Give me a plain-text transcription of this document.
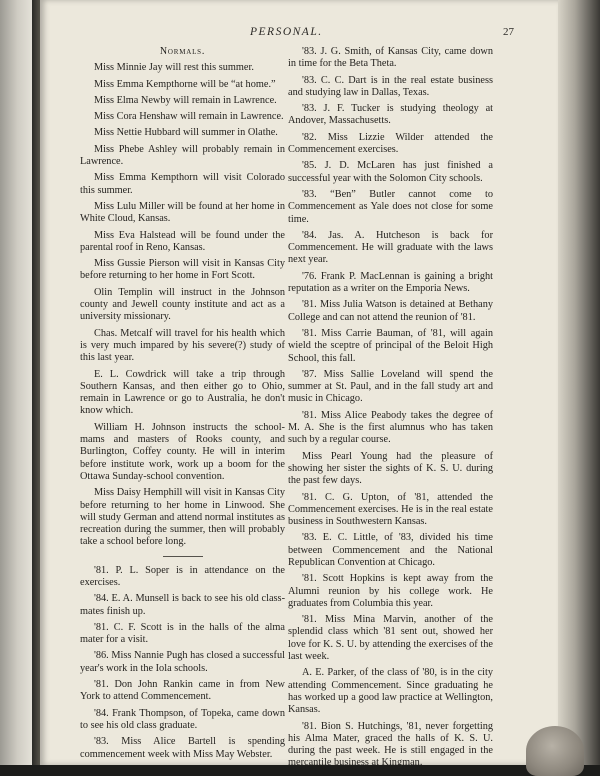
PERSONAL.	27
Normals.

Miss Minnie Jay will rest this summer.

Miss Emma Kempthorne will be “at home.”

Miss Elma Newby will remain in Lawrence.

Miss Cora Henshaw will remain in Lawrence.

Miss Nettie Hubbard will summer in Olathe.

Miss Phebe Ashley will probably remain in Lawrence.

Miss Emma Kempthorn will visit Colorado this summer.

Miss Lulu Miller will be found at her home in White Cloud, Kansas.

Miss Eva Halstead will be found under the parental roof in Reno, Kansas.

Miss Gussie Pierson will visit in Kansas City before returning to her home in Fort Scott.

Olin Templin will instruct in the Johnson county and Jewell county institute and act as a university missionary.

Chas. Metcalf will travel for his health which is very much impared by his severe(?) study of this last year.

E. L. Cowdrick will take a trip through Southern Kansas, and then either go to Ohio, remain in Lawrence or go to Australia, he don't know which.

William H. Johnson instructs the school-mams and masters of Rooks county, and Burlington, Coffey county. He will in interim before institute work, work up a boom for the Ottawa Sunday-school convention.

Miss Daisy Hemphill will visit in Kansas City before returning to her home in Linwood. She will study German and attend normal institutes as recreation during the summer, then will probably take a school before long.

'81. P. L. Soper is in attendance on the exercises.

'84. E. A. Munsell is back to see his old class-mates finish up.

'81. C. F. Scott is in the halls of the alma mater for a visit.

'86. Miss Nannie Pugh has closed a successful year's work in the Iola schools.

'81. Don John Rankin came in from New York to attend Commencement.

'84. Frank Thompson, of Topeka, came down to see his old class graduate.

'83. Miss Alice Bartell is spending commencement week with Miss May Webster.

'83. J. G. Smith, of Kansas City, came down in time for the Beta Theta.

'83. C. C. Dart is in the real estate business and studying law in Dallas, Texas.

'83. J. F. Tucker is studying theology at Andover, Massachusetts.

'82. Miss Lizzie Wilder attended the Commencement exercises.

'85. J. D. McLaren has just finished a successful year with the Solomon City schools.

'83. “Ben” Butler cannot come to Commencement as Yale does not close for some time.

'84. Jas. A. Hutcheson is back for Commencement. He will graduate with the laws next year.

'76. Frank P. MacLennan is gaining a bright reputation as a writer on the Emporia News.

'81. Miss Julia Watson is detained at Bethany College and can not attend the reunion of '81.

'81. Miss Carrie Bauman, of '81, will again wield the sceptre of principal of the Beloit High School, this fall.

'87. Miss Sallie Loveland will spend the summer at St. Paul, and in the fall study art and music in Chicago.

'81. Miss Alice Peabody takes the degree of M. A. She is the first alumnus who has taken such by a regular course.

Miss Pearl Young had the pleasure of showing her sister the sights of K. S. U. during the past few days.

'81. C. G. Upton, of '81, attended the Commencement exercises. He is in the real estate business in Southwestern Kansas.

'83. E. C. Little, of '83, divided his time between Commencement and the National Republican Convention at Chicago.

'81. Scott Hopkins is kept away from the Alumni reunion by his college work. He graduates from Columbia this year.

'81. Miss Mina Marvin, another of the splendid class which '81 sent out, showed her love for K. S. U. by attending the exercises of the last week.

A. E. Parker, of the class of '80, is in the city attending Commencement. Since graduating he has worked up a good law practice at Wellington, Kansas.

'81. Bion S. Hutchings, '81, never forgetting his Alma Mater, graced the halls of K. S. U. during the past week. He is still engaged in the mercantile business at Kingman.
